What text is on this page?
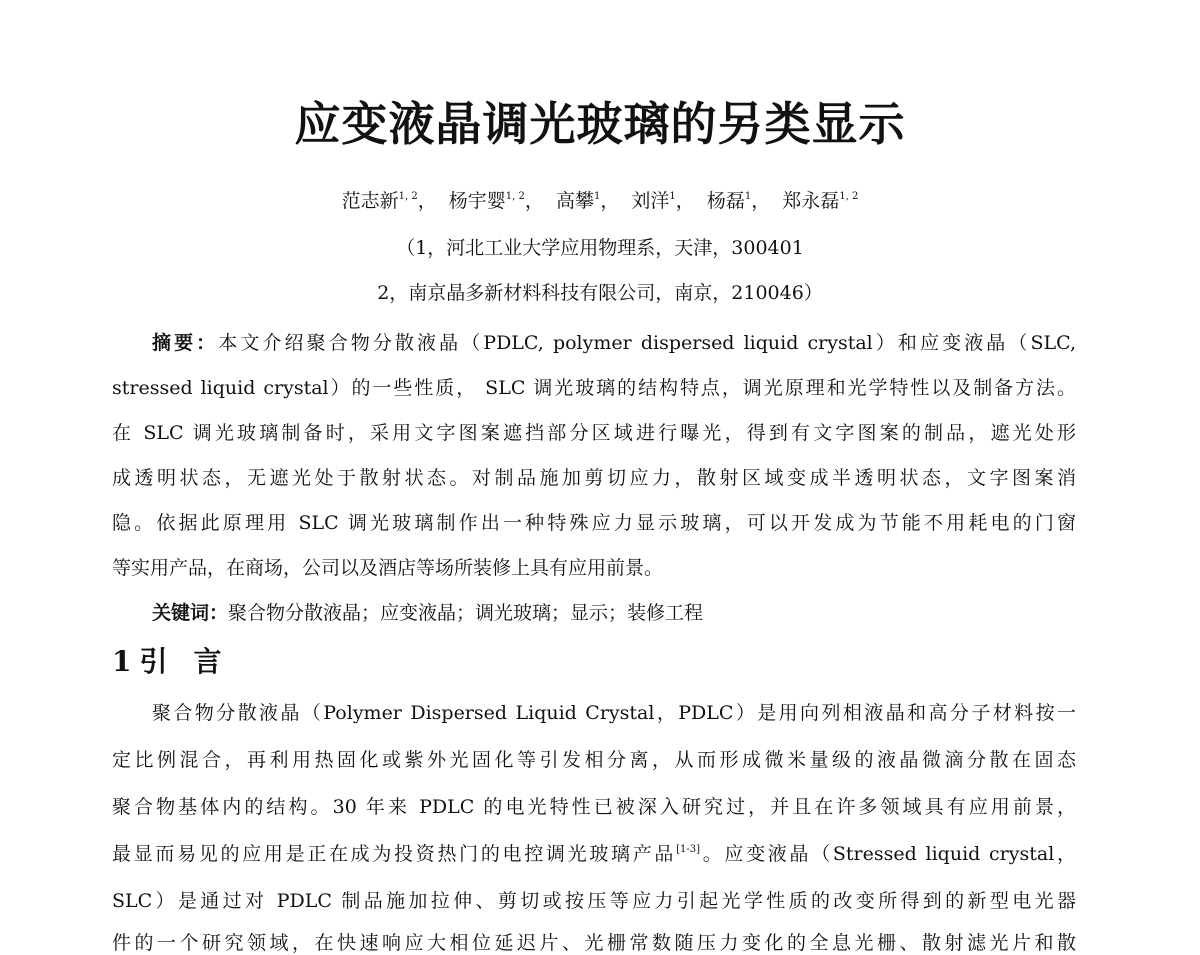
应变液晶调光玻璃的另类显示
范志新$^{1, 2}$， 杨宇婴$^{1, 2}$， 高攀$^1$， 刘洋$^1$， 杨磊$^1$， 郑永磊$^{1, 2}$
（1，河北工业大学应用物理系，天津，300401
2，南京晶多新材料科技有限公司，南京，210046）
摘要：本文介绍聚合物分散液晶（PDLC, polymer dispersed liquid crystal）和应变液晶（SLC,
stressed liquid crystal）的一些性质， SLC 调光玻璃的结构特点，调光原理和光学特性以及制备方法。
在 SLC 调光玻璃制备时，采用文字图案遮挡部分区域进行曝光，得到有文字图案的制品，遮光处形
成透明状态，无遮光处于散射状态。对制品施加剪切应力，散射区域变成半透明状态，文字图案消
隐。依据此原理用 SLC 调光玻璃制作出一种特殊应力显示玻璃，可以开发成为节能不用耗电的门窗
等实用产品，在商场，公司以及酒店等场所装修上具有应用前景。
关键词：聚合物分散液晶；应变液晶；调光玻璃；显示；装修工程
1 引 言
聚合物分散液晶（Polymer Dispersed Liquid Crystal，PDLC）是用向列相液晶和高分子材料按一
定比例混合，再利用热固化或紫外光固化等引发相分离，从而形成微米量级的液晶微滴分散在固态
聚合物基体内的结构。30 年来 PDLC 的电光特性已被深入研究过，并且在许多领域具有应用前景，
最显而易见的应用是正在成为投资热门的电控调光玻璃产品[1-3]。应变液晶（Stressed liquid crystal，
SLC）是通过对 PDLC 制品施加拉伸、剪切或按压等应力引起光学性质的改变所得到的新型电光器
件的一个研究领域，在快速响应大相位延迟片、光栅常数随压力变化的全息光栅、散射滤光片和散
